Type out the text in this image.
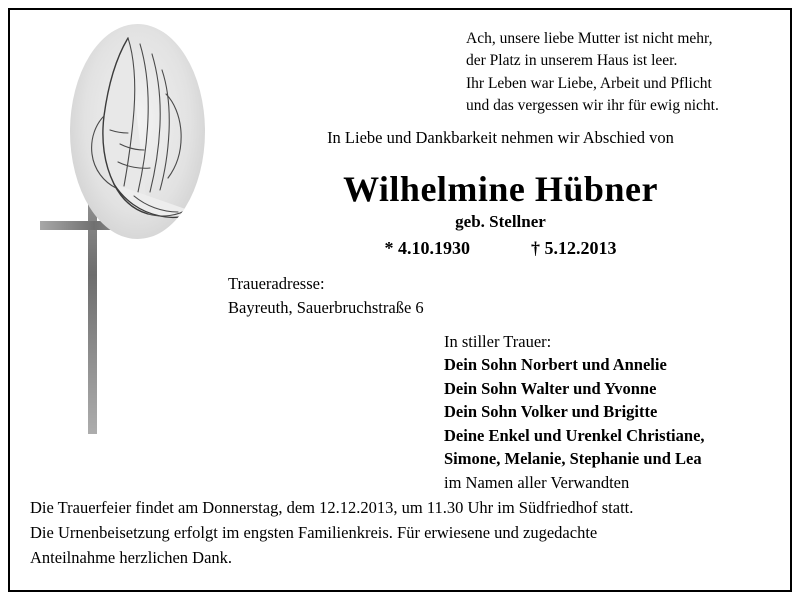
Ach, unsere liebe Mutter ist nicht mehr,
der Platz in unserem Haus ist leer.
Ihr Leben war Liebe, Arbeit und Pflicht
und das vergessen wir ihr für ewig nicht.
In Liebe und Dankbarkeit nehmen wir Abschied von
Wilhelmine Hübner
geb. Stellner
* 4.10.1930	† 5.12.2013
Traueradresse:
Bayreuth, Sauerbruchstraße 6
In stiller Trauer:
Dein Sohn Norbert und Annelie
Dein Sohn Walter und Yvonne
Dein Sohn Volker und Brigitte
Deine Enkel und Urenkel Christiane,
Simone, Melanie, Stephanie und Lea
im Namen aller Verwandten
Die Trauerfeier findet am Donnerstag, dem 12.12.2013, um 11.30 Uhr im Südfriedhof statt.
Die Urnenbeisetzung erfolgt im engsten Familienkreis. Für erwiesene und zugedachte
Anteilnahme herzlichen Dank.
